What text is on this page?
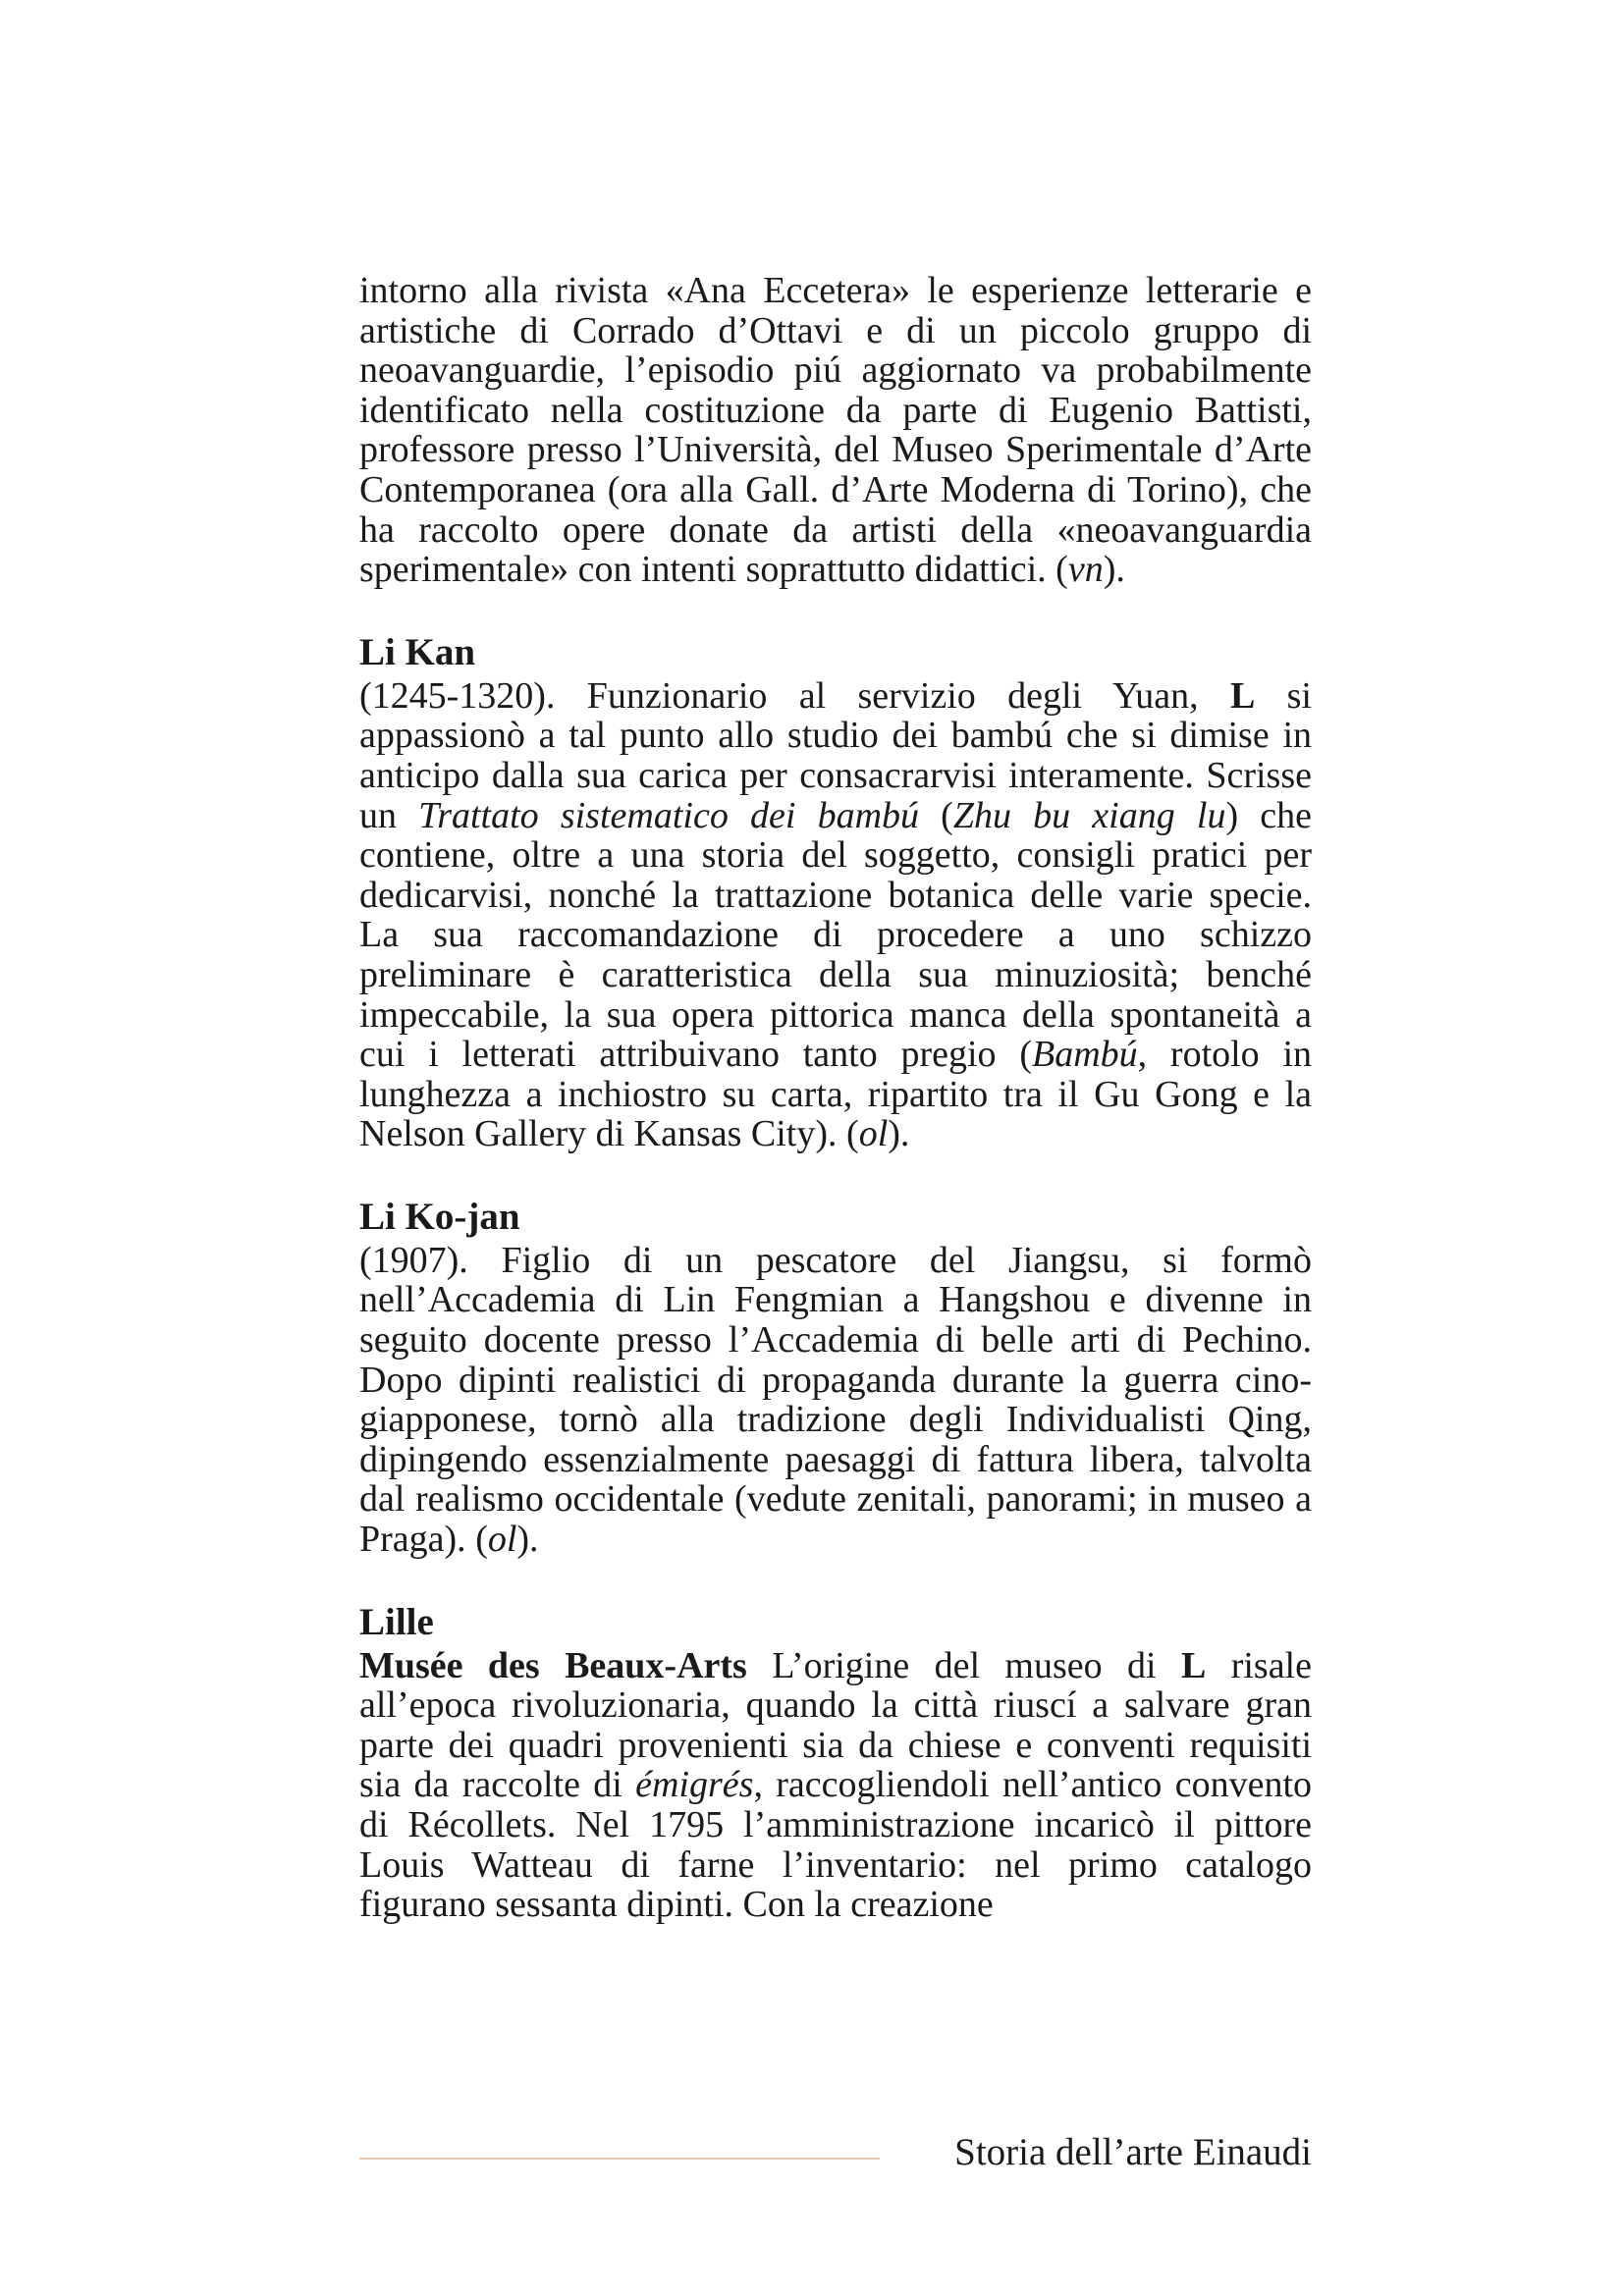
intorno alla rivista «Ana Eccetera» le esperienze letterarie e artistiche di Corrado d’Ottavi e di un piccolo gruppo di neoavanguardie, l’episodio piú aggiornato va probabilmente identificato nella costituzione da parte di Eugenio Battisti, professore presso l’Università, del Museo Sperimentale d’Arte Contemporanea (ora alla Gall. d’Arte Moderna di Torino), che ha raccolto opere donate da artisti della «neoavanguardia sperimentale» con intenti soprattutto didattici. (vn).

Li Kan

(1245-1320). Funzionario al servizio degli Yuan, L si appassionò a tal punto allo studio dei bambú che si dimise in anticipo dalla sua carica per consacrarvisi interamente. Scrisse un Trattato sistematico dei bambú (Zhu bu xiang lu) che contiene, oltre a una storia del soggetto, consigli pratici per dedicarvisi, nonché la trattazione botanica delle varie specie. La sua raccomandazione di procedere a uno schizzo preliminare è caratteristica della sua minuziosità; benché impeccabile, la sua opera pittorica manca della spontaneità a cui i letterati attribuivano tanto pregio (Bambú, rotolo in lunghezza a inchiostro su carta, ripartito tra il Gu Gong e la Nelson Gallery di Kansas City). (ol).

Li Ko-jan

(1907). Figlio di un pescatore del Jiangsu, si formò nell’Accademia di Lin Fengmian a Hangshou e divenne in seguito docente presso l’Accademia di belle arti di Pechino. Dopo dipinti realistici di propaganda durante la guerra cino-giapponese, tornò alla tradizione degli Individualisti Qing, dipingendo essenzialmente paesaggi di fattura libera, talvolta dal realismo occidentale (vedute zenitali, panorami; in museo a Praga). (ol).

Lille

Musée des Beaux-Arts L’origine del museo di L risale all’epoca rivoluzionaria, quando la città riuscí a salvare gran parte dei quadri provenienti sia da chiese e conventi requisiti sia da raccolte di émigrés, raccogliendoli nell’antico convento di Récollets. Nel 1795 l’amministrazione incaricò il pittore Louis Watteau di farne l’inventario: nel primo catalogo figurano sessanta dipinti. Con la creazione

Storia dell’arte Einaudi
